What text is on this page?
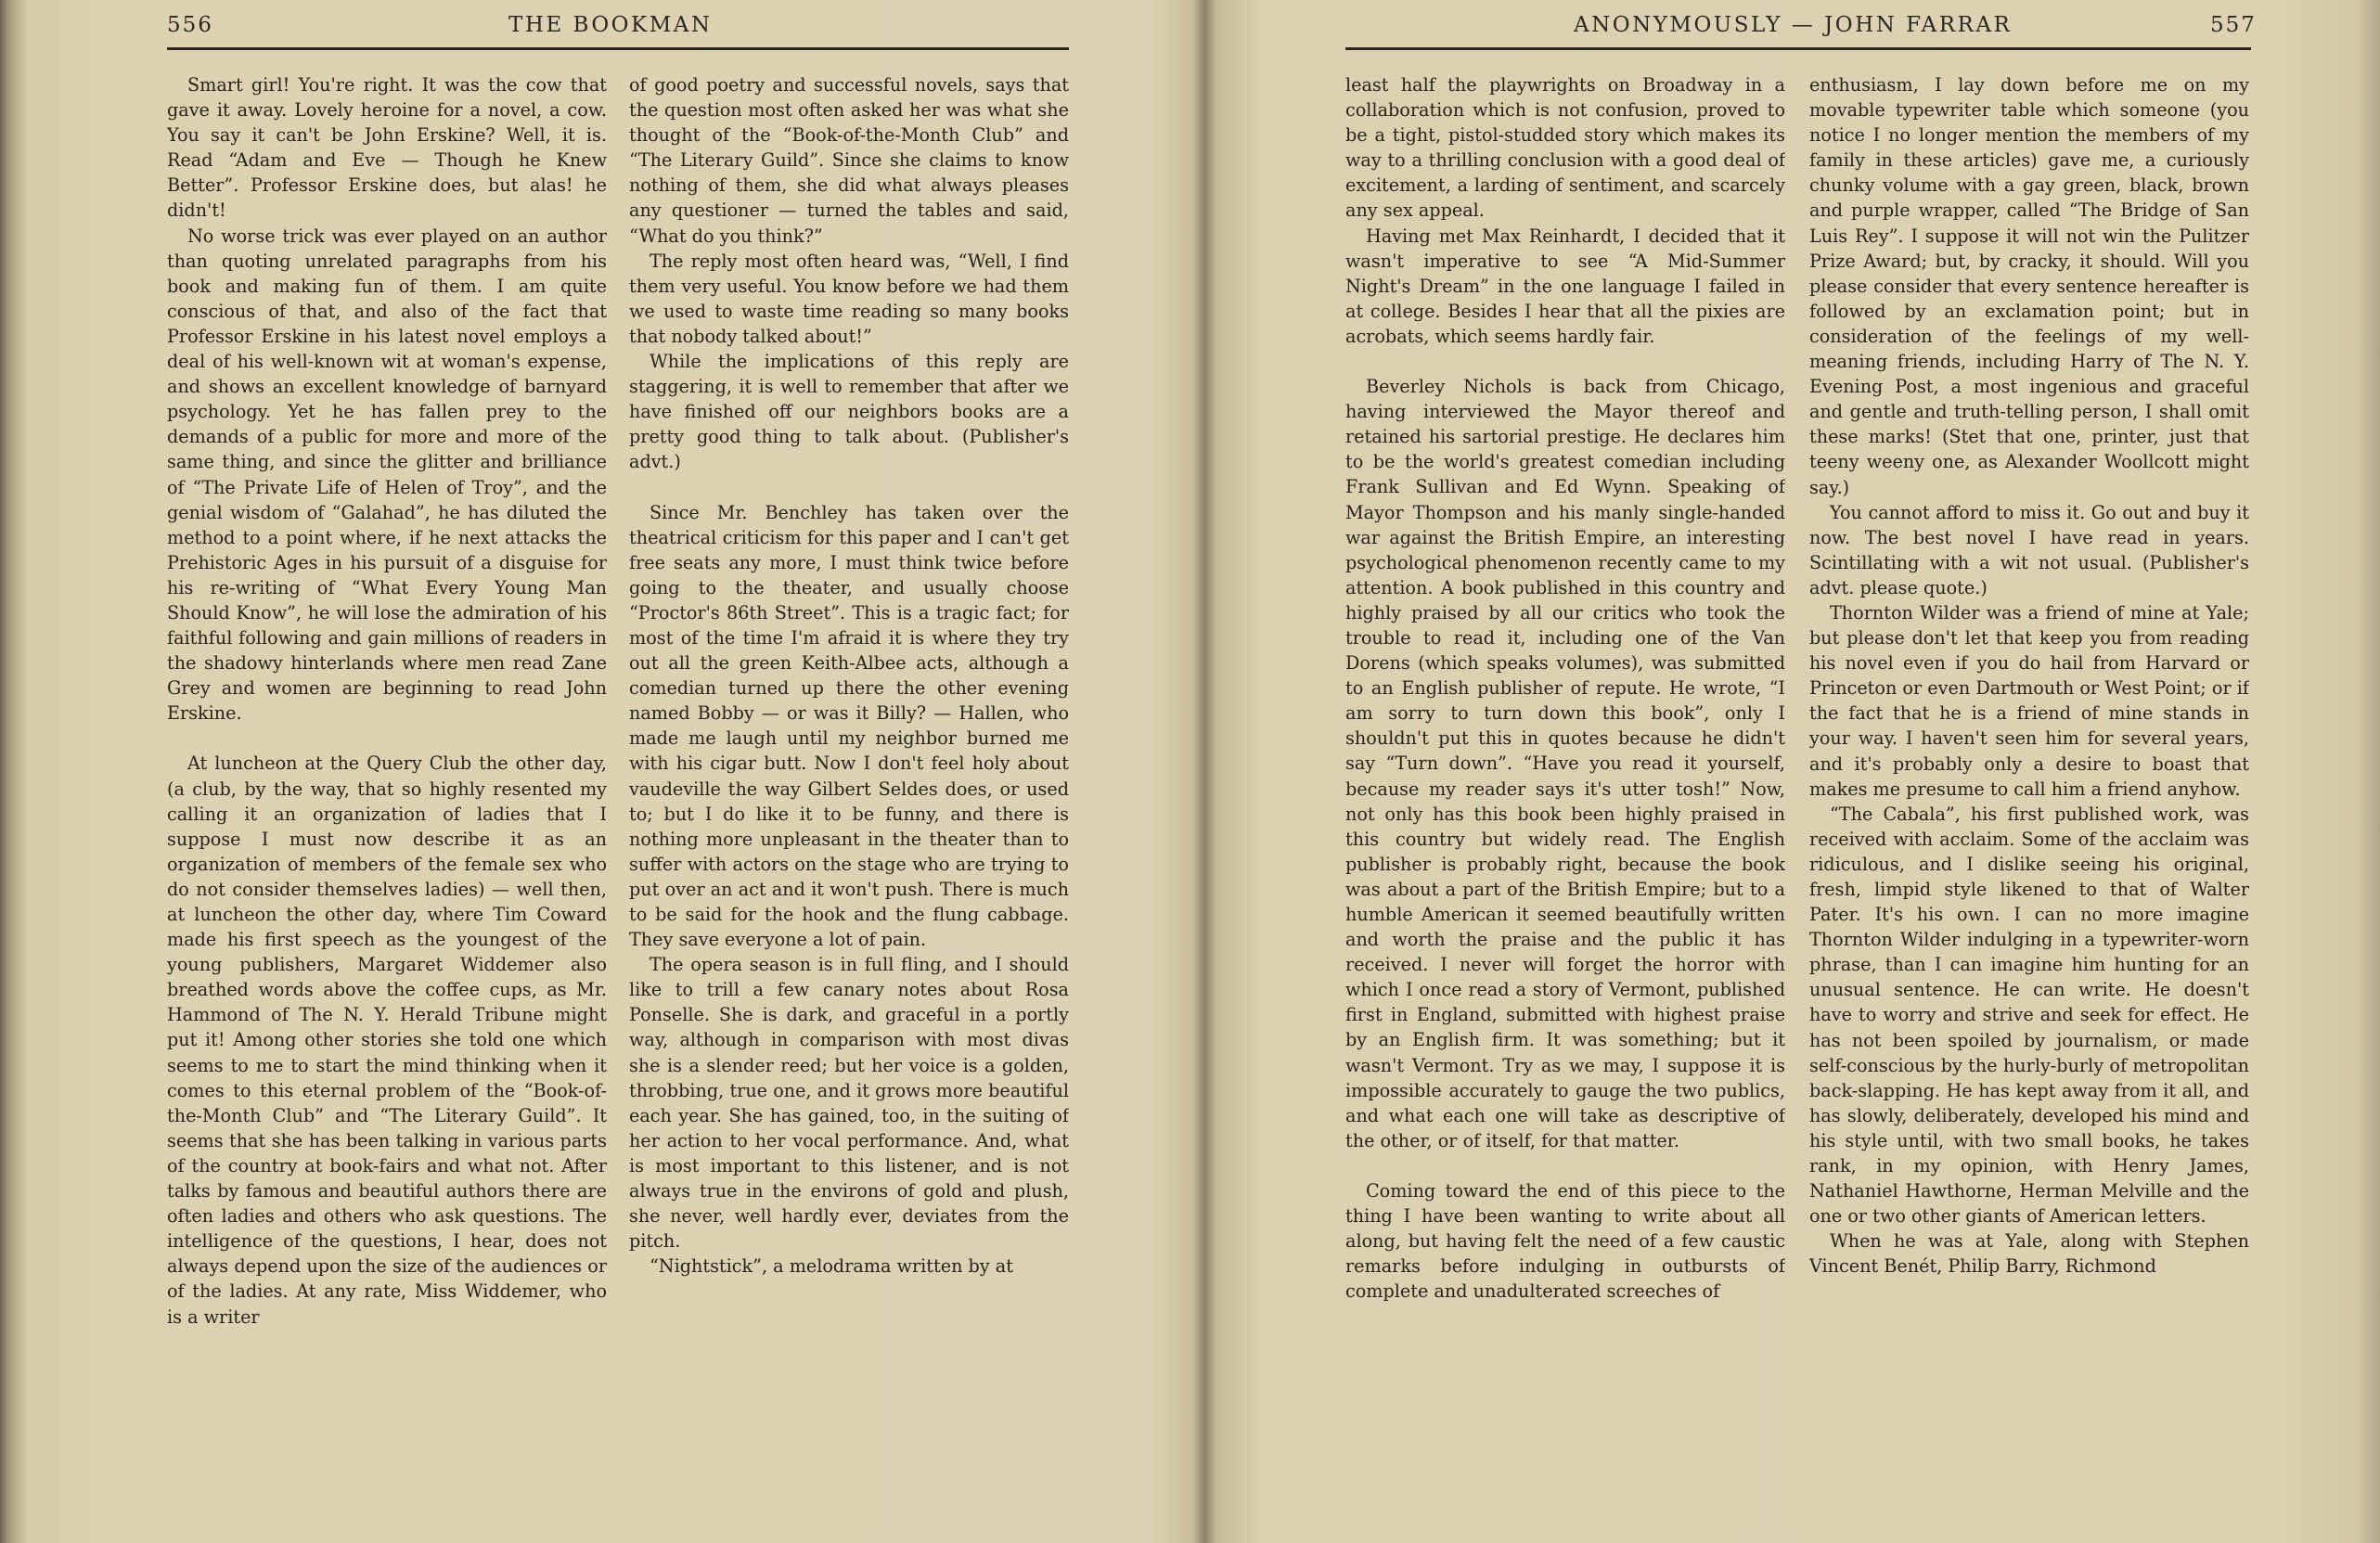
556	THE BOOKMAN	ANONYMOUSLY — JOHN FARRAR	557

Smart girl! You're right. It was the cow that gave it away. Lovely heroine for a novel, a cow. You say it can't be John Erskine? Well, it is. Read “Adam and Eve — Though he Knew Better”. Professor Erskine does, but alas! he didn't!

No worse trick was ever played on an author than quoting unrelated paragraphs from his book and making fun of them. I am quite conscious of that, and also of the fact that Professor Erskine in his latest novel employs a deal of his well-known wit at woman's expense, and shows an excellent knowledge of barnyard psychology. Yet he has fallen prey to the demands of a public for more and more of the same thing, and since the glitter and brilliance of “The Private Life of Helen of Troy”, and the genial wisdom of “Galahad”, he has diluted the method to a point where, if he next attacks the Prehistoric Ages in his pursuit of a disguise for his re-writing of “What Every Young Man Should Know”, he will lose the admiration of his faithful following and gain millions of readers in the shadowy hinterlands where men read Zane Grey and women are beginning to read John Erskine.

At luncheon at the Query Club the other day, (a club, by the way, that so highly resented my calling it an organization of ladies that I suppose I must now describe it as an organization of members of the female sex who do not consider themselves ladies) — well then, at luncheon the other day, where Tim Coward made his first speech as the youngest of the young publishers, Margaret Widdemer also breathed words above the coffee cups, as Mr. Hammond of The N. Y. Herald Tribune might put it! Among other stories she told one which seems to me to start the mind thinking when it comes to this eternal problem of the “Book-of-the-Month Club” and “The Literary Guild”. It seems that she has been talking in various parts of the country at book-fairs and what not. After talks by famous and beautiful authors there are often ladies and others who ask questions. The intelligence of the questions, I hear, does not always depend upon the size of the audiences or of the ladies. At any rate, Miss Widdemer, who is a writer

of good poetry and successful novels, says that the question most often asked her was what she thought of the “Book-of-the-Month Club” and “The Literary Guild”. Since she claims to know nothing of them, she did what always pleases any questioner — turned the tables and said, “What do you think?”

The reply most often heard was, “Well, I find them very useful. You know before we had them we used to waste time reading so many books that nobody talked about!”

While the implications of this reply are staggering, it is well to remember that after we have finished off our neighbors books are a pretty good thing to talk about. (Publisher's advt.)

Since Mr. Benchley has taken over the theatrical criticism for this paper and I can't get free seats any more, I must think twice before going to the theater, and usually choose “Proctor's 86th Street”. This is a tragic fact; for most of the time I'm afraid it is where they try out all the green Keith-Albee acts, although a comedian turned up there the other evening named Bobby — or was it Billy? — Hallen, who made me laugh until my neighbor burned me with his cigar butt. Now I don't feel holy about vaudeville the way Gilbert Seldes does, or used to; but I do like it to be funny, and there is nothing more unpleasant in the theater than to suffer with actors on the stage who are trying to put over an act and it won't push. There is much to be said for the hook and the flung cabbage. They save everyone a lot of pain.

The opera season is in full fling, and I should like to trill a few canary notes about Rosa Ponselle. She is dark, and graceful in a portly way, although in comparison with most divas she is a slender reed; but her voice is a golden, throbbing, true one, and it grows more beautiful each year. She has gained, too, in the suiting of her action to her vocal performance. And, what is most important to this listener, and is not always true in the environs of gold and plush, she never, well hardly ever, deviates from the pitch.

“Nightstick”, a melodrama written by at

least half the playwrights on Broadway in a collaboration which is not confusion, proved to be a tight, pistol-studded story which makes its way to a thrilling conclusion with a good deal of excitement, a larding of sentiment, and scarcely any sex appeal.

Having met Max Reinhardt, I decided that it wasn't imperative to see “A Mid-Summer Night's Dream” in the one language I failed in at college. Besides I hear that all the pixies are acrobats, which seems hardly fair.

Beverley Nichols is back from Chicago, having interviewed the Mayor thereof and retained his sartorial prestige. He declares him to be the world's greatest comedian including Frank Sullivan and Ed Wynn. Speaking of Mayor Thompson and his manly single-handed war against the British Empire, an interesting psychological phenomenon recently came to my attention. A book published in this country and highly praised by all our critics who took the trouble to read it, including one of the Van Dorens (which speaks volumes), was submitted to an English publisher of repute. He wrote, “I am sorry to turn down this book”, only I shouldn't put this in quotes because he didn't say “Turn down”. “Have you read it yourself, because my reader says it's utter tosh!” Now, not only has this book been highly praised in this country but widely read. The English publisher is probably right, because the book was about a part of the British Empire; but to a humble American it seemed beautifully written and worth the praise and the public it has received. I never will forget the horror with which I once read a story of Vermont, published first in England, submitted with highest praise by an English firm. It was something; but it wasn't Vermont. Try as we may, I suppose it is impossible accurately to gauge the two publics, and what each one will take as descriptive of the other, or of itself, for that matter.

Coming toward the end of this piece to the thing I have been wanting to write about all along, but having felt the need of a few caustic remarks before indulging in outbursts of complete and unadulterated screeches of

enthusiasm, I lay down before me on my movable typewriter table which someone (you notice I no longer mention the members of my family in these articles) gave me, a curiously chunky volume with a gay green, black, brown and purple wrapper, called “The Bridge of San Luis Rey”. I suppose it will not win the Pulitzer Prize Award; but, by cracky, it should. Will you please consider that every sentence hereafter is followed by an exclamation point; but in consideration of the feelings of my well-meaning friends, including Harry of The N. Y. Evening Post, a most ingenious and graceful and gentle and truth-telling person, I shall omit these marks! (Stet that one, printer, just that teeny weeny one, as Alexander Woollcott might say.)

You cannot afford to miss it. Go out and buy it now. The best novel I have read in years. Scintillating with a wit not usual. (Publisher's advt. please quote.)

Thornton Wilder was a friend of mine at Yale; but please don't let that keep you from reading his novel even if you do hail from Harvard or Princeton or even Dartmouth or West Point; or if the fact that he is a friend of mine stands in your way. I haven't seen him for several years, and it's probably only a desire to boast that makes me presume to call him a friend anyhow.

“The Cabala”, his first published work, was received with acclaim. Some of the acclaim was ridiculous, and I dislike seeing his original, fresh, limpid style likened to that of Walter Pater. It's his own. I can no more imagine Thornton Wilder indulging in a typewriter-worn phrase, than I can imagine him hunting for an unusual sentence. He can write. He doesn't have to worry and strive and seek for effect. He has not been spoiled by journalism, or made self-conscious by the hurly-burly of metropolitan back-slapping. He has kept away from it all, and has slowly, deliberately, developed his mind and his style until, with two small books, he takes rank, in my opinion, with Henry James, Nathaniel Hawthorne, Herman Melville and the one or two other giants of American letters.

When he was at Yale, along with Stephen Vincent Benét, Philip Barry, Richmond
